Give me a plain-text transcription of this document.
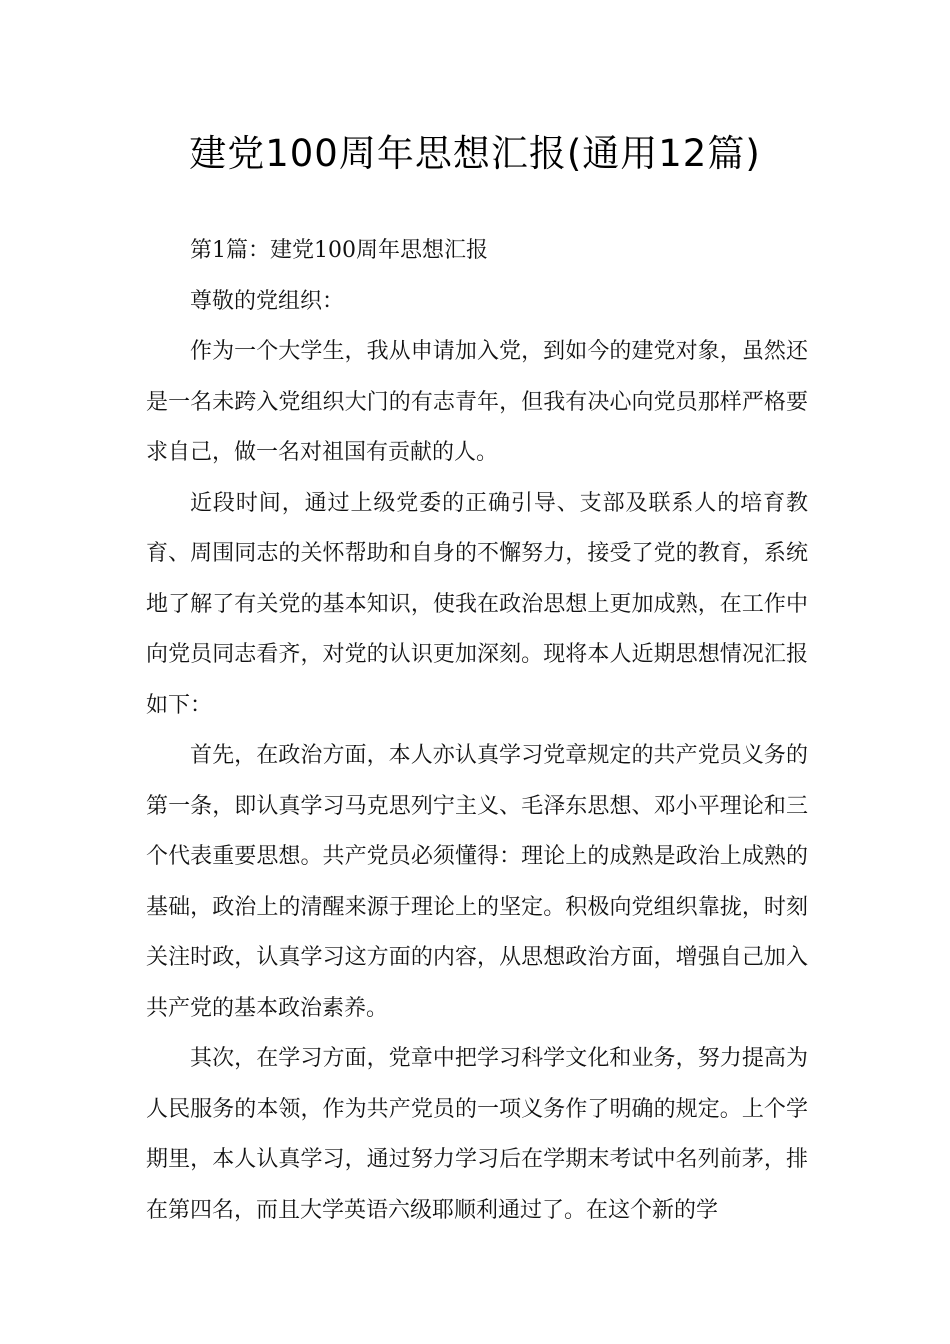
建党100周年思想汇报(通用12篇)

第1篇：建党100周年思想汇报

尊敬的党组织：

作为一个大学生，我从申请加入党，到如今的建党对象，虽然还是一名未跨入党组织大门的有志青年，但我有决心向党员那样严格要求自己，做一名对祖国有贡献的人。

近段时间，通过上级党委的正确引导、支部及联系人的培育教育、周围同志的关怀帮助和自身的不懈努力，接受了党的教育，系统地了解了有关党的基本知识，使我在政治思想上更加成熟，在工作中向党员同志看齐，对党的认识更加深刻。现将本人近期思想情况汇报如下：

首先，在政治方面，本人亦认真学习党章规定的共产党员义务的第一条，即认真学习马克思列宁主义、毛泽东思想、邓小平理论和三个代表重要思想。共产党员必须懂得：理论上的成熟是政治上成熟的基础，政治上的清醒来源于理论上的坚定。积极向党组织靠拢，时刻关注时政，认真学习这方面的内容，从思想政治方面，增强自己加入共产党的基本政治素养。

其次，在学习方面，党章中把学习科学文化和业务，努力提高为人民服务的本领，作为共产党员的一项义务作了明确的规定。上个学期里，本人认真学习，通过努力学习后在学期末考试中名列前茅，排在第四名，而且大学英语六级耶顺利通过了。在这个新的学
